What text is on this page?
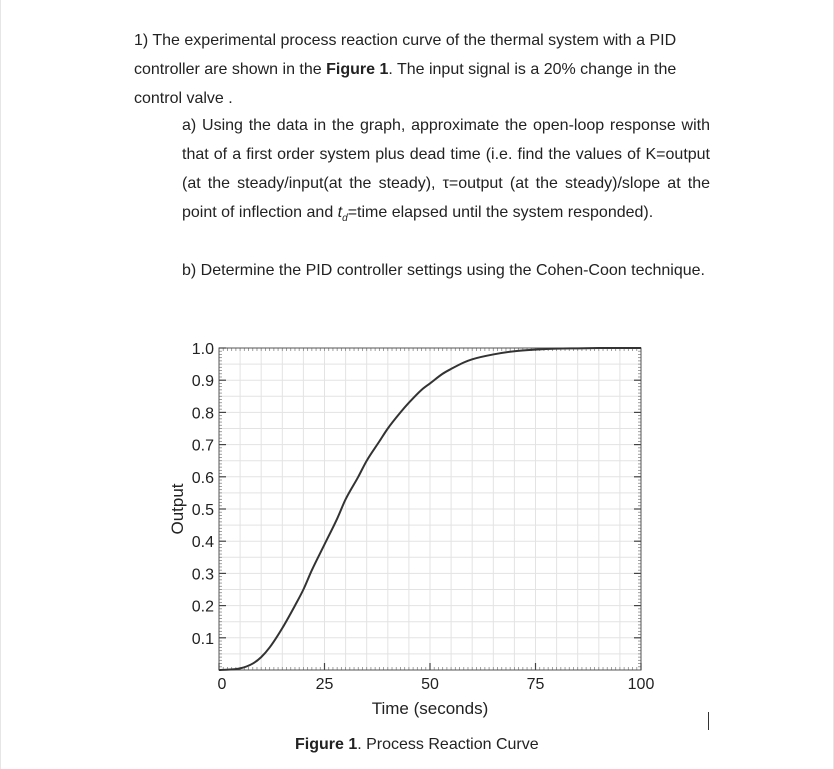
1) The experimental process reaction curve of the thermal system with a PID controller are shown in the Figure 1. The input signal is a 20% change in the control valve .
a) Using the data in the graph, approximate the open-loop response with that of a first order system plus dead time (i.e. find the values of K=output (at the steady/input(at the steady), τ=output (at the steady)/slope at the point of inflection and $t_d=time$ elapsed until the system responded).
b) Determine the PID controller settings using the Cohen-Coon technique.
0.1
0.2
0.3
0.4
0.5
0.6
0.7
0.8
0.9
1.0
0	25	50	75	100
Time (seconds)
Output
Figure 1. Process Reaction Curve
